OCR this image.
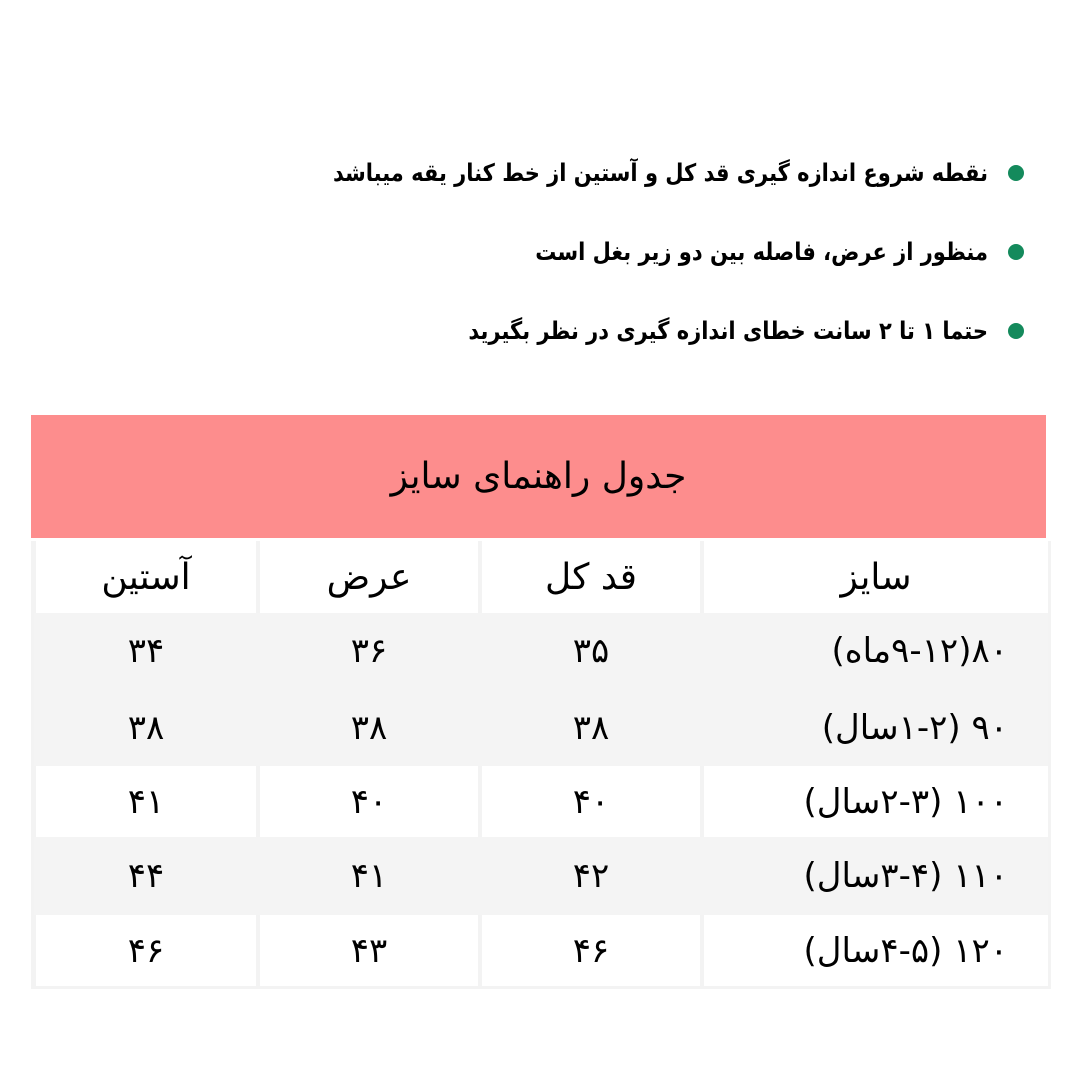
نقطه شروع اندازه گیری قد کل و آستین از خط کنار یقه میباشد
منظور از عرض، فاصله بین دو زیر بغل است
حتما ۱ تا ۲ سانت خطای اندازه گیری در نظر بگیرید
جدول راهنمای سایز
سایز
قد کل
عرض
آستین
۸۰(۹-۱۲ماه)
۳۵
۳۶
۳۴
۹۰ (۱-۲سال)
۳۸
۳۸
۳۸
۱۰۰ (۲-۳سال)
۴۰
۴۰
۴۱
۱۱۰ (۳-۴سال)
۴۲
۴۱
۴۴
۱۲۰ (۴-۵سال)
۴۶
۴۳
۴۶
